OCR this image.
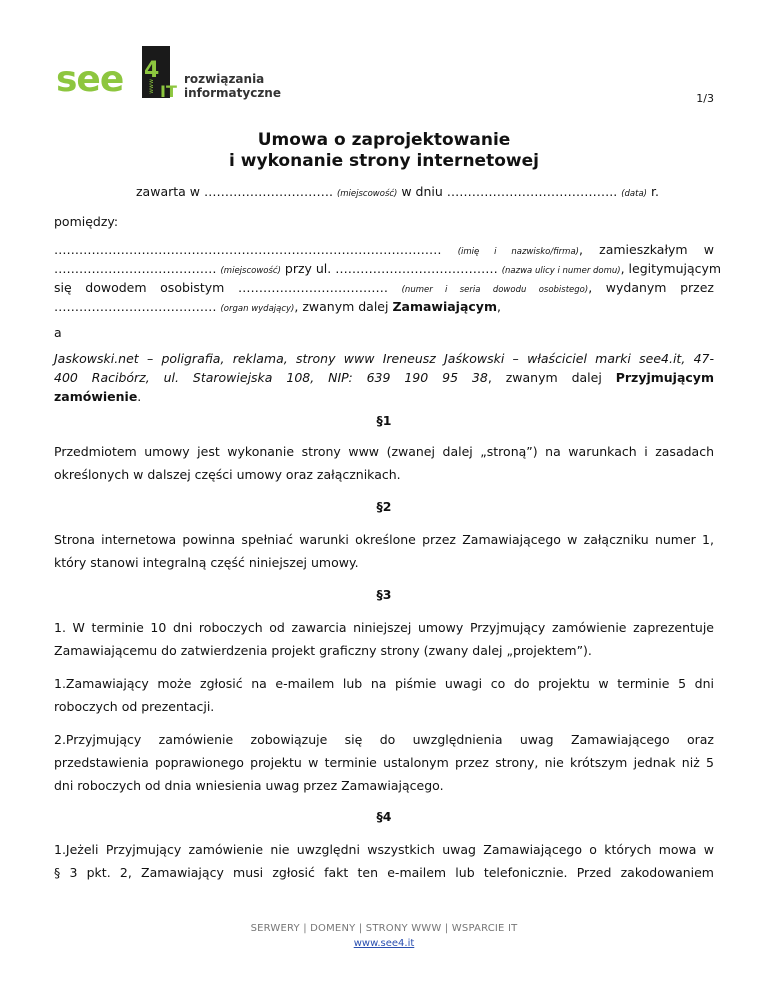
see 4
www IT
rozwiązania informatyczne	1/3
Umowa o zaprojektowanie
i wykonanie strony internetowej
zawarta w …………………………. (miejscowość) w dniu ………………………………….. (data) r.
pomiędzy:
………………………………………………………………………………… (imię i nazwisko/firma), zamieszkałym w
………………………………… (miejscowość) przy ul. ………………………………… (nazwa ulicy i numer domu), legitymującym
się dowodem osobistym ……………………………… (numer i seria dowodu osobistego), wydanym przez
………………………………… (organ wydający), zwanym dalej Zamawiającym,
a
Jaskowski.net – poligrafia, reklama, strony www Ireneusz Jaśkowski – właściciel marki see4.it, 47-
400 Racibórz, ul. Starowiejska 108, NIP: 639 190 95 38, zwanym dalej Przyjmującym
zamówienie.
§1
Przedmiotem umowy jest wykonanie strony www (zwanej dalej „stroną”) na warunkach i zasadach
określonych w dalszej części umowy oraz załącznikach.
§2
Strona internetowa powinna spełniać warunki określone przez Zamawiającego w załączniku numer 1,
który stanowi integralną część niniejszej umowy.
§3
1. W terminie 10 dni roboczych od zawarcia niniejszej umowy Przyjmujący zamówienie zaprezentuje
Zamawiającemu do zatwierdzenia projekt graficzny strony (zwany dalej „projektem”).
1.Zamawiający może zgłosić na e-mailem lub na piśmie uwagi co do projektu w terminie 5 dni
roboczych od prezentacji.
2.Przyjmujący zamówienie zobowiązuje się do uwzględnienia uwag Zamawiającego oraz
przedstawienia poprawionego projektu w terminie ustalonym przez strony, nie krótszym jednak niż 5
dni roboczych od dnia wniesienia uwag przez Zamawiającego.
§4
1.Jeżeli Przyjmujący zamówienie nie uwzględni wszystkich uwag Zamawiającego o których mowa w
§ 3 pkt. 2, Zamawiający musi zgłosić fakt ten e-mailem lub telefonicznie. Przed zakodowaniem
SERWERY | DOMENY | STRONY WWW | WSPARCIE IT
www.see4.it
